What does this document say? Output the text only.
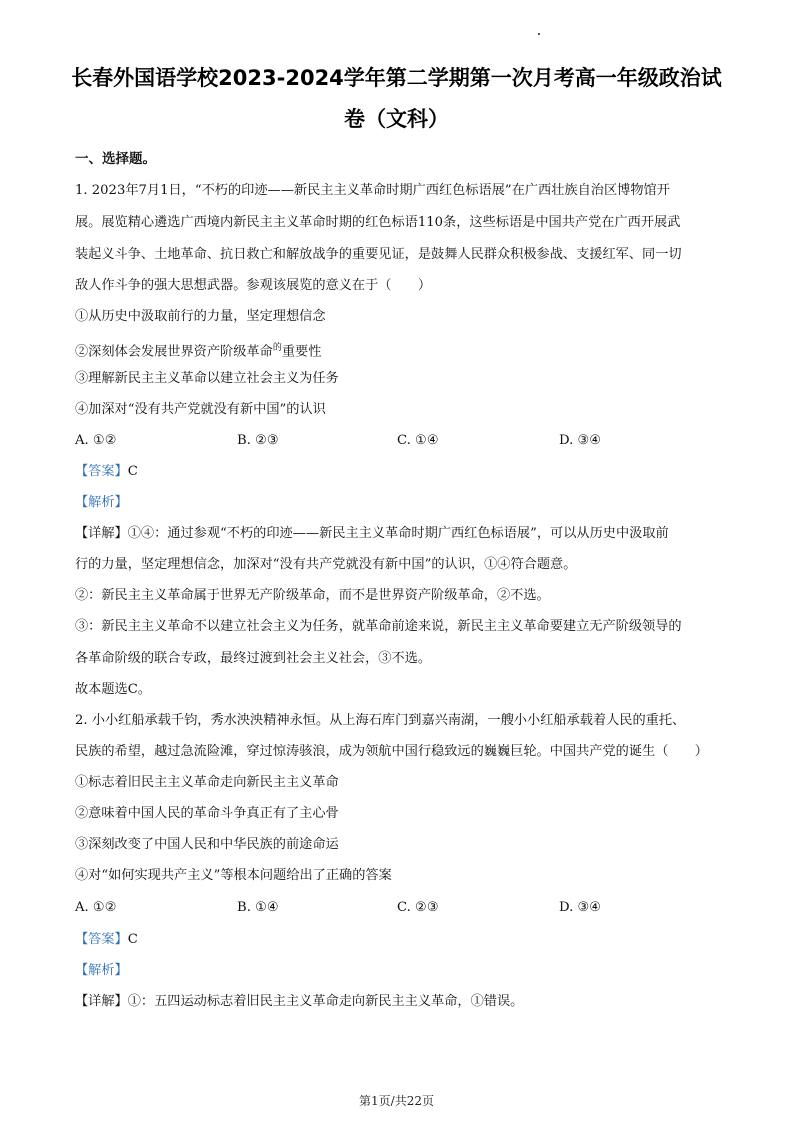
长春外国语学校2023-2024学年第二学期第一次月考高一年级政治试
卷（文科）
一、选择题。
1. 2023年7月1日，“不朽的印迹——新民主主义革命时期广西红色标语展”在广西壮族自治区博物馆开
展。展览精心遴选广西境内新民主主义革命时期的红色标语110条，这些标语是中国共产党在广西开展武
装起义斗争、土地革命、抗日救亡和解放战争的重要见证，是鼓舞人民群众积极参战、支援红军、同一切
敌人作斗争的强大思想武器。参观该展览的意义在于（　　）
①从历史中汲取前行的力量，坚定理想信念
②深刻体会发展世界资产阶级革命$^的$重要性
③理解新民主主义革命以建立社会主义为任务
④加深对“没有共产党就没有新中国”的认识
A. ①②	B. ②③	C. ①④	D. ③④
【答案】C
【解析】
【详解】①④：通过参观“不朽的印迹——新民主主义革命时期广西红色标语展”，可以从历史中汲取前
行的力量，坚定理想信念，加深对“没有共产党就没有新中国”的认识，①④符合题意。
②：新民主主义革命属于世界无产阶级革命，而不是世界资产阶级革命，②不选。
③：新民主主义革命不以建立社会主义为任务，就革命前途来说，新民主主义革命要建立无产阶级领导的
各革命阶级的联合专政，最终过渡到社会主义社会，③不选。
故本题选C。
2. 小小红船承载千钧，秀水泱泱精神永恒。从上海石库门到嘉兴南湖，一艘小小红船承载着人民的重托、
民族的希望，越过急流险滩，穿过惊涛骇浪，成为领航中国行稳致远的巍巍巨轮。中国共产党的诞生（　　）
①标志着旧民主主义革命走向新民主主义革命
②意味着中国人民的革命斗争真正有了主心骨
③深刻改变了中国人民和中华民族的前途命运
④对“如何实现共产主义”等根本问题给出了正确的答案
A. ①②	B. ①④	C. ②③	D. ③④
【答案】C
【解析】
【详解】①：五四运动标志着旧民主主义革命走向新民主主义革命，①错误。
第1页/共22页
